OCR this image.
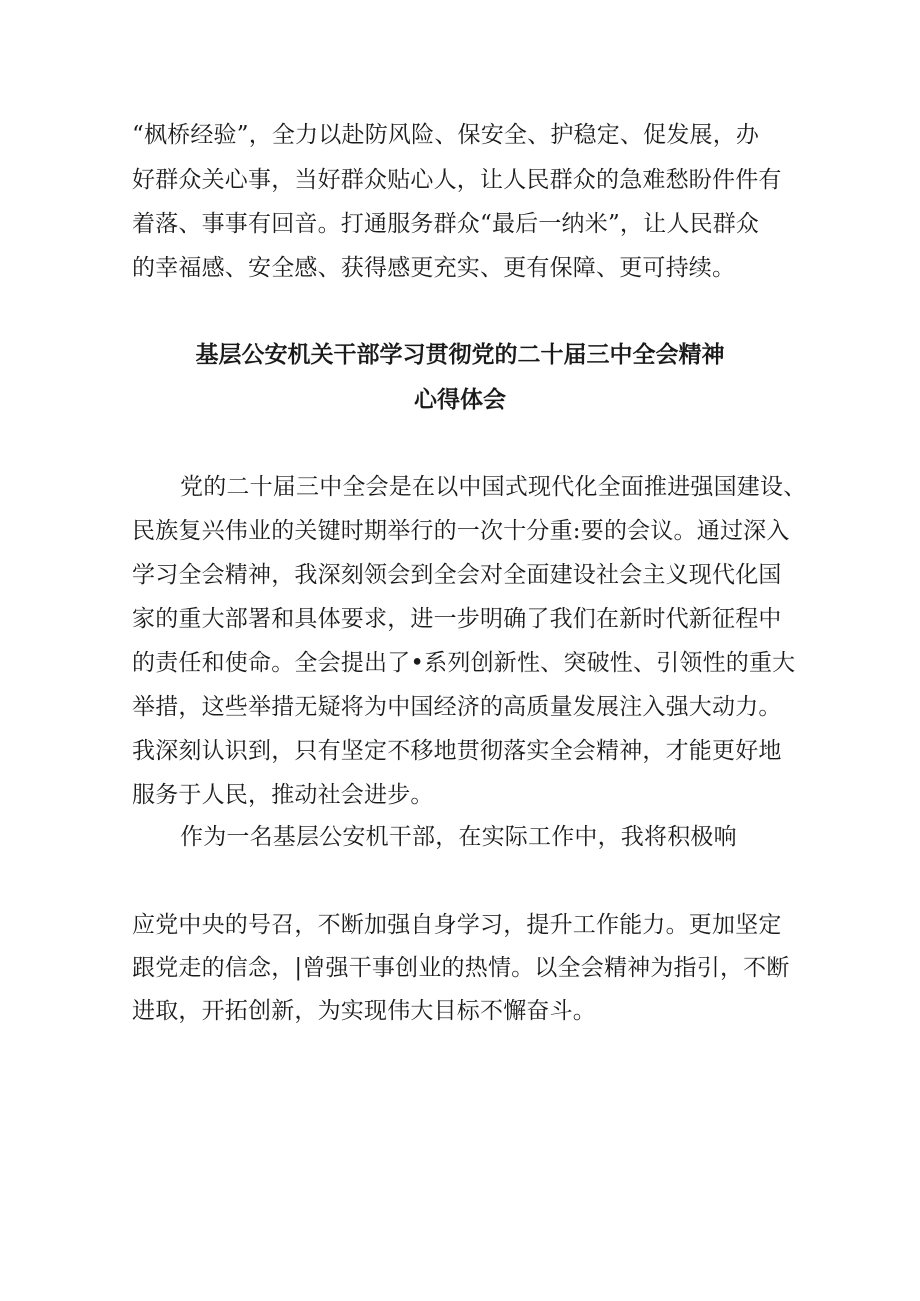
“枫桥经验”，全力以赴防风险、保安全、护稳定、促发展，办
好群众关心事，当好群众贴心人，让人民群众的急难愁盼件件有
着落、事事有回音。打通服务群众“最后一纳米”，让人民群众
的幸福感、安全感、获得感更充实、更有保障、更可持续。
基层公安机关干部学习贯彻党的二十届三中全会精神
心得体会
党的二十届三中全会是在以中国式现代化全面推进强国建设、
民族复兴伟业的关键时期举行的一次十分重:要的会议。通过深入
学习全会精神，我深刻领会到全会对全面建设社会主义现代化国
家的重大部署和具体要求，进一步明确了我们在新时代新征程中
的责任和使命。全会提出了•系列创新性、突破性、引领性的重大
举措，这些举措无疑将为中国经济的高质量发展注入强大动力。
我深刻认识到，只有坚定不移地贯彻落实全会精神，才能更好地
服务于人民，推动社会进步。
作为一名基层公安机干部，在实际工作中，我将积极响
应党中央的号召，不断加强自身学习，提升工作能力。更加坚定
跟党走的信念，|曾强干事创业的热情。以全会精神为指引，不断
进取，开拓创新，为实现伟大目标不懈奋斗。
